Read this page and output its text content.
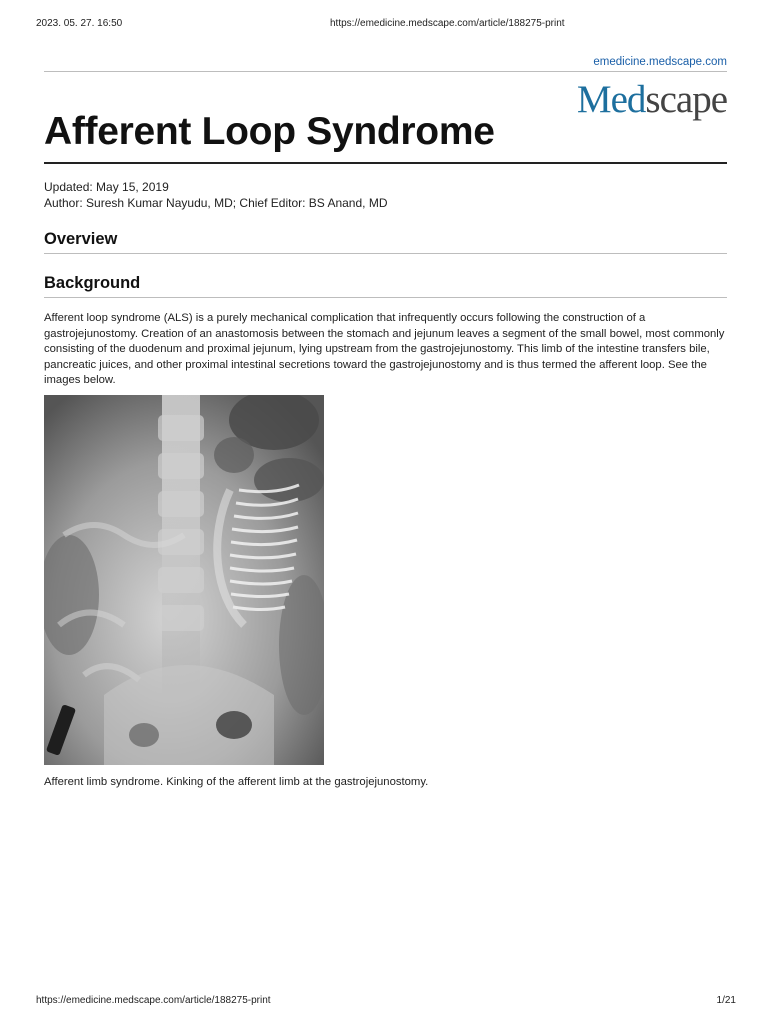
2023. 05. 27. 16:50	https://emedicine.medscape.com/article/188275-print
emedicine.medscape.com
Medscape
Afferent Loop Syndrome
Updated: May 15, 2019
Author: Suresh Kumar Nayudu, MD; Chief Editor: BS Anand, MD
Overview
Background

Afferent loop syndrome (ALS) is a purely mechanical complication that infrequently occurs following the construction of a gastrojejunostomy. Creation of an anastomosis between the stomach and jejunum leaves a segment of the small bowel, most commonly consisting of the duodenum and proximal jejunum, lying upstream from the gastrojejunostomy. This limb of the intestine transfers bile, pancreatic juices, and other proximal intestinal secretions toward the gastrojejunostomy and is thus termed the afferent loop. See the images below.

Afferent limb syndrome. Kinking of the afferent limb at the gastrojejunostomy.
https://emedicine.medscape.com/article/188275-print	1/21
